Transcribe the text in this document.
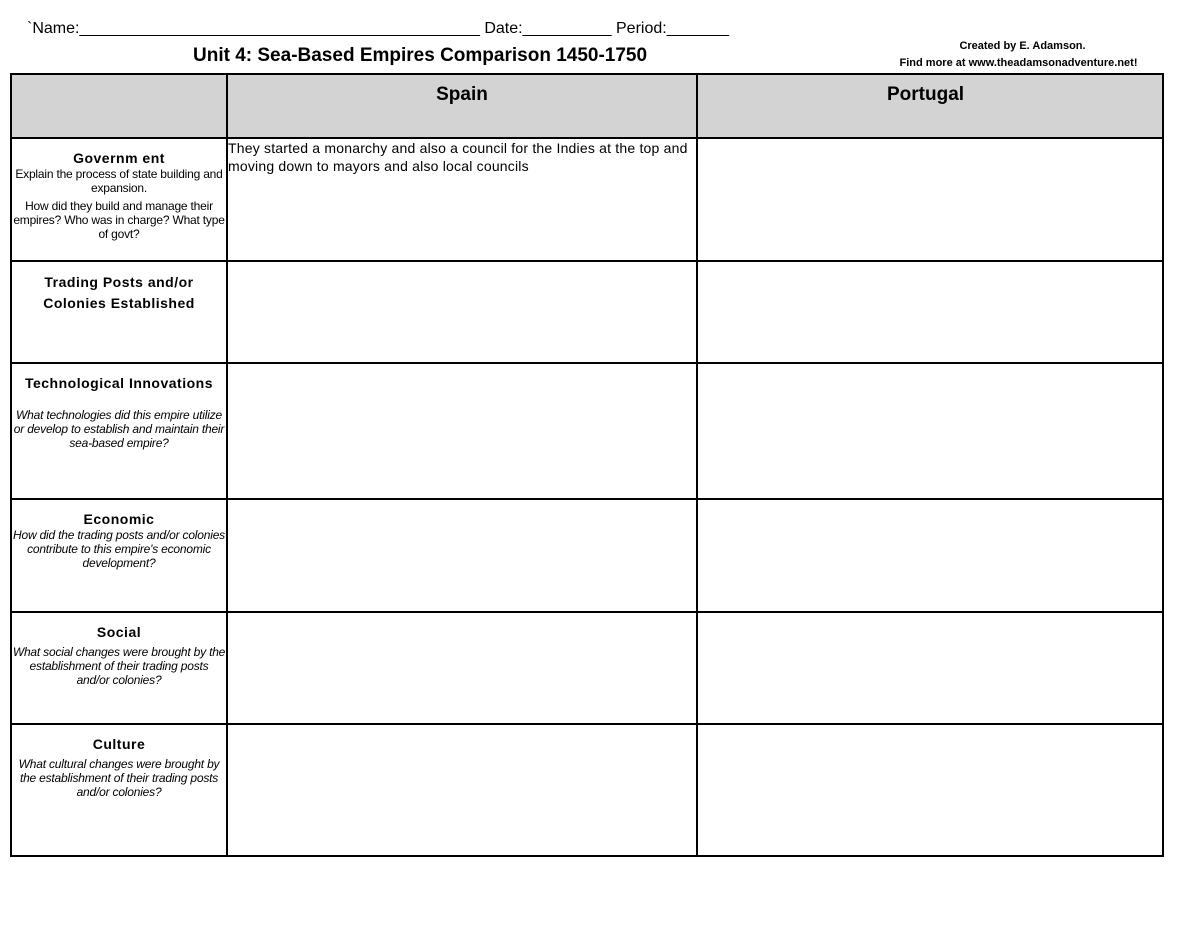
`Name:_____________________________________________ Date:__________ Period:_______
Unit 4: Sea-Based Empires Comparison 1450-1750	Created by E. Adamson.
Find more at www.theadamsonadventure.net!

	Spain	Portugal

Governm ent
Explain the process of state building and expansion.
How did they build and manage their empires? Who was in charge? What type of govt?	They started a monarchy and also a council for the Indies at the top and moving down to mayors and also local councils	

Trading Posts and/or Colonies Established		

Technological Innovations
What technologies did this empire utilize or develop to establish and maintain their sea-based empire?		

Economic
How did the trading posts and/or colonies contribute to this empire's economic development?		

Social
What social changes were brought by the establishment of their trading posts and/or colonies?		

Culture
What cultural changes were brought by the establishment of their trading posts and/or colonies?		
